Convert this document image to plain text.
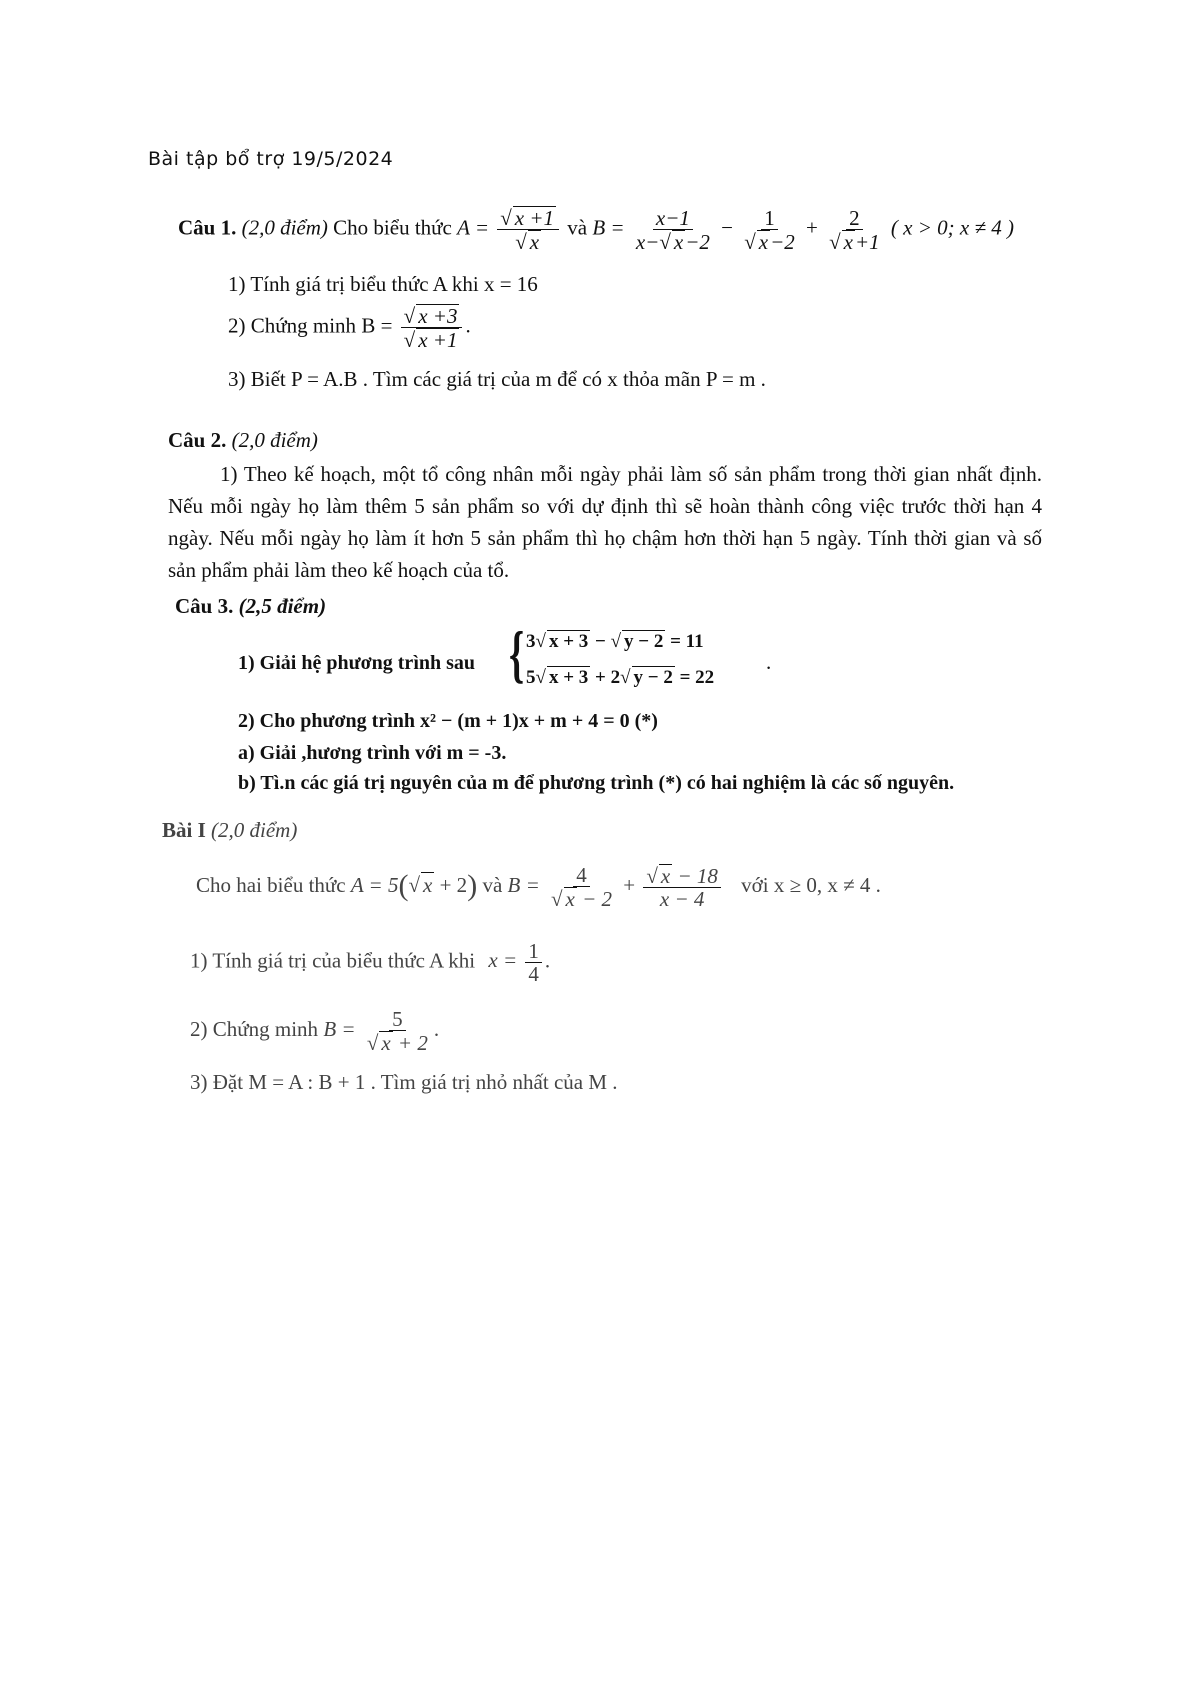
Bài tập bổ trợ 19/5/2024
Câu 1. (2,0 điểm) Cho biểu thức $A = \frac{√ x +1}{√ x}$ và $B = \frac{x-1}{x-√ x-2} - \frac{1}{√ x-2} + \frac{2}{√ x+1}$ ( x > 0; x ≠ 4 )
1) Tính giá trị biểu thức A khi x = 16
2) Chứng minh $B = \frac{√ x +3}{√ x +1}$ .
3) Biết P = A.B . Tìm các giá trị của m để có x thỏa mãn P = m .
Câu 2. (2,0 điểm)
1) Theo kế hoạch, một tổ công nhân mỗi ngày phải làm số sản phẩm trong thời gian nhất định. Nếu mỗi ngày họ làm thêm 5 sản phẩm so với dự định thì sẽ hoàn thành công việc trước thời hạn 4 ngày. Nếu mỗi ngày họ làm ít hơn 5 sản phẩm thì họ chậm hơn thời hạn 5 ngày. Tính thời gian và số sản phẩm phải làm theo kế hoạch của tổ.
Câu 3. (2,5 điểm)
1) Giải hệ phương trình sau { 3√ x + 3 − √ y − 2 = 11
5√ x + 3 + 2√ y − 2 = 22
.
2) Cho phương trình x² − (m + 1)x + m + 4 = 0 (*)
a) Giải ,hương trình với m = -3.
b) Tì.n các giá trị nguyên của m để phương trình (*) có hai nghiệm là các số nguyên.
Bài I (2,0 điểm)
Cho hai biểu thức A = 5(√ x + 2) và $B = \frac{4}{√ x - 2} + \frac{√ x - 18}{x - 4}$ với x ≥ 0, x ≠ 4 .
1) Tính giá trị của biểu thức A khi $x = \frac{1}{4}$ .
2) Chứng minh $B = \frac{5}{√ x + 2}$ .
3) Đặt M = A : B + 1 . Tìm giá trị nhỏ nhất của M .
